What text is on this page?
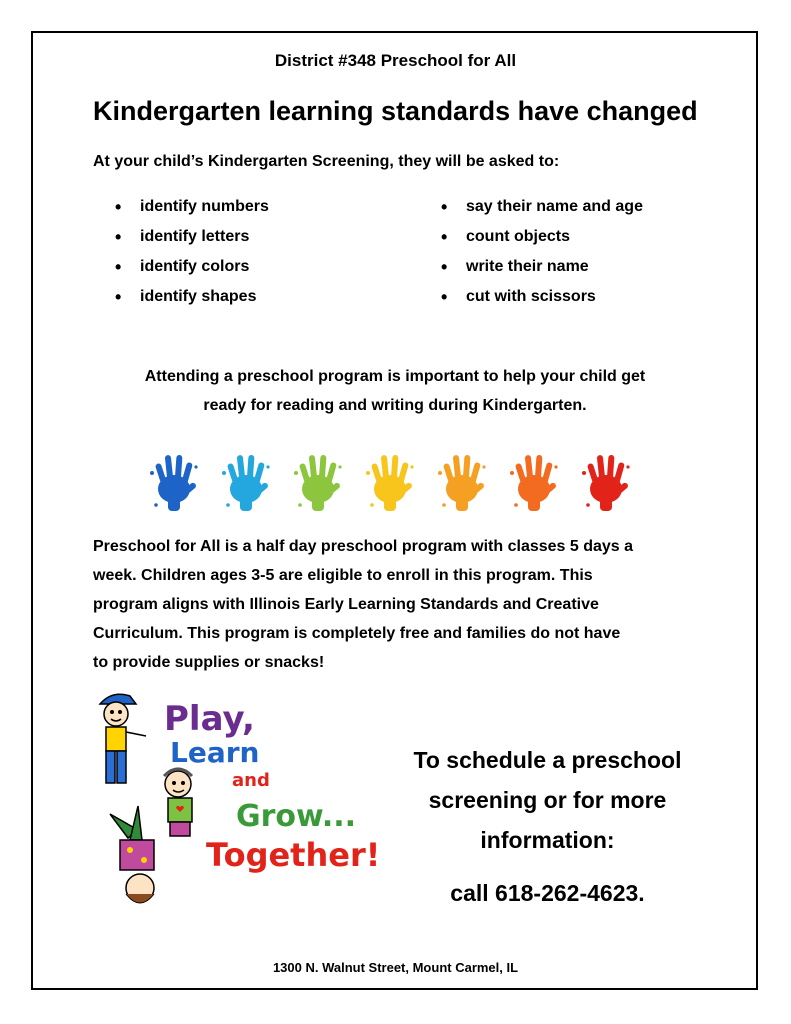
District #348 Preschool for All
Kindergarten learning standards have changed
At your child’s Kindergarten Screening, they will be asked to:
• identify numbers
• identify letters
• identify colors
• identify shapes
• say their name and age
• count objects
• write their name
• cut with scissors
Attending a preschool program is important to help your child get
ready for reading and writing during Kindergarten.
Preschool for All is a half day preschool program with classes 5 days a
week. Children ages 3-5 are eligible to enroll in this program. This
program aligns with Illinois Early Learning Standards and Creative
Curriculum. This program is completely free and families do not have
to provide supplies or snacks!
Play,
Learn
and
Grow...
Together!
To schedule a preschool
screening or for more
information:
call 618-262-4623.
1300 N. Walnut Street, Mount Carmel, IL
